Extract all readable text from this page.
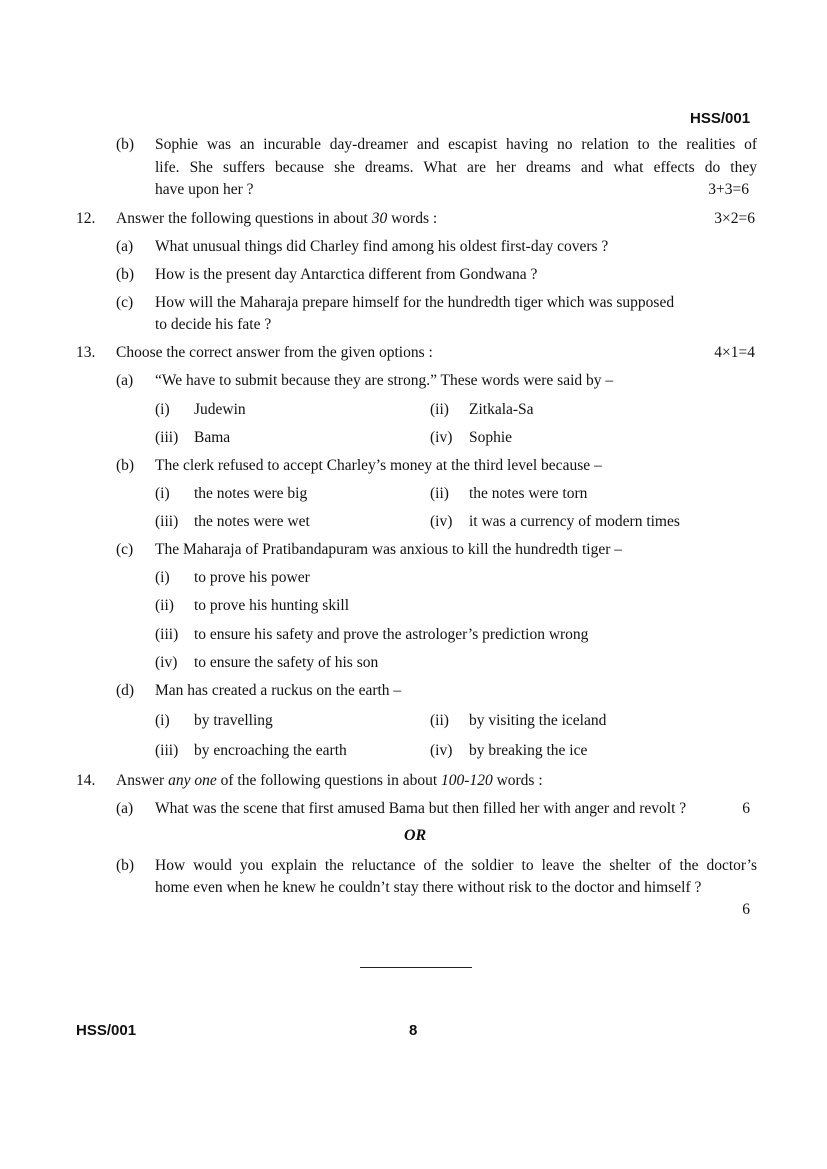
HSS/001
(b) Sophie was an incurable day-dreamer and escapist having no relation to the realities of
life. She suffers because she dreams. What are her dreams and what effects do they
have upon her ?	3+3=6
12. Answer the following questions in about 30 words :	3×2=6
(a) What unusual things did Charley find among his oldest first-day covers ?
(b) How is the present day Antarctica different from Gondwana ?
(c) How will the Maharaja prepare himself for the hundredth tiger which was supposed
to decide his fate ?
13. Choose the correct answer from the given options :	4×1=4
(a) “We have to submit because they are strong.” These words were said by –
(i) Judewin	(ii) Zitkala-Sa
(iii) Bama	(iv) Sophie
(b) The clerk refused to accept Charley’s money at the third level because –
(i) the notes were big	(ii) the notes were torn
(iii) the notes were wet	(iv) it was a currency of modern times
(c) The Maharaja of Pratibandapuram was anxious to kill the hundredth tiger –
(i) to prove his power
(ii) to prove his hunting skill
(iii) to ensure his safety and prove the astrologer’s prediction wrong
(iv) to ensure the safety of his son
(d) Man has created a ruckus on the earth –
(i) by travelling	(ii) by visiting the iceland
(iii) by encroaching the earth	(iv) by breaking the ice
14. Answer any one of the following questions in about 100-120 words :
(a) What was the scene that first amused Bama but then filled her with anger and revolt ?	6
OR
(b) How would you explain the reluctance of the soldier to leave the shelter of the doctor’s
home even when he knew he couldn’t stay there without risk to the doctor and himself ?
6
HSS/001	8
